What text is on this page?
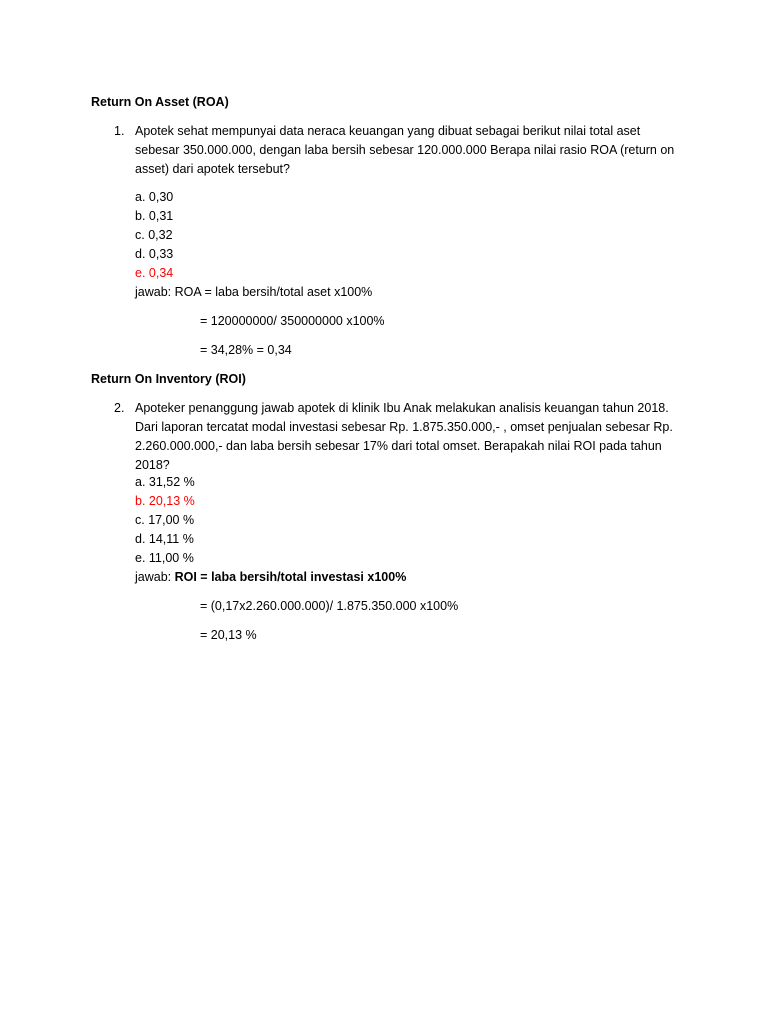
Return On Asset (ROA)
1. Apotek sehat mempunyai data neraca keuangan yang dibuat sebagai berikut nilai total aset
sebesar 350.000.000, dengan laba bersih sebesar 120.000.000 Berapa nilai rasio ROA (return on
asset) dari apotek tersebut?
a. 0,30
b. 0,31
c. 0,32
d. 0,33
e. 0,34
jawab: ROA = laba bersih/total aset x100%
= 120000000/ 350000000 x100%
= 34,28% = 0,34
Return On Inventory (ROI)
2. Apoteker penanggung jawab apotek di klinik Ibu Anak melakukan analisis keuangan tahun 2018.
Dari laporan tercatat modal investasi sebesar Rp. 1.875.350.000,- , omset penjualan sebesar Rp.
2.260.000.000,- dan laba bersih sebesar 17% dari total omset. Berapakah nilai ROI pada tahun
2018?
a. 31,52 %
b. 20,13 %
c. 17,00 %
d. 14,11 %
e. 11,00 %
jawab: ROI = laba bersih/total investasi x100%
= (0,17x2.260.000.000)/ 1.875.350.000 x100%
= 20,13 %
